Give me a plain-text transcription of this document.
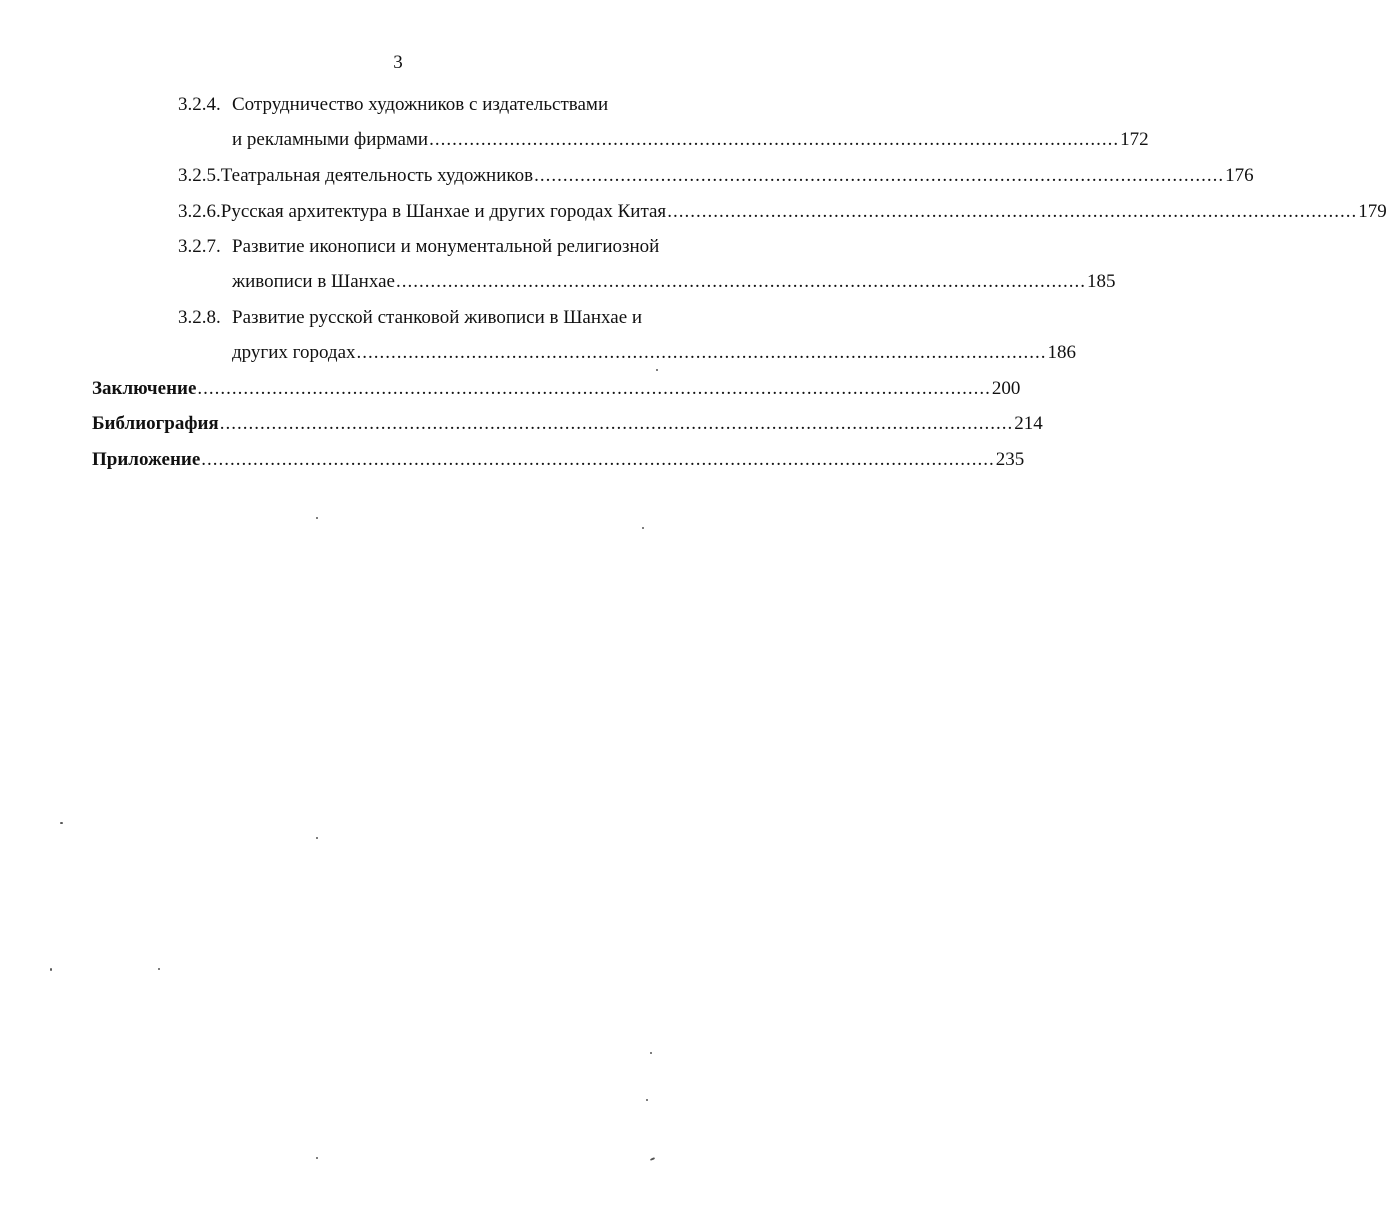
3
3.2.4. Сотрудничество художников с издательствами
и рекламными фирмами ........................................................................................................................ 172
3.2.5. Театральная деятельность художников ........................................................................................................................ 176
3.2.6. Русская архитектура в Шанхае и других городах Китая ........................................................................................................................ 179
3.2.7. Развитие иконописи и монументальной религиозной
живописи в Шанхае ........................................................................................................................ 185
3.2.8. Развитие русской станковой живописи в Шанхае и
других городах ........................................................................................................................ 186
Заключение .......................................................................................................................................... 200
Библиография .......................................................................................................................................... 214
Приложение .......................................................................................................................................... 235
